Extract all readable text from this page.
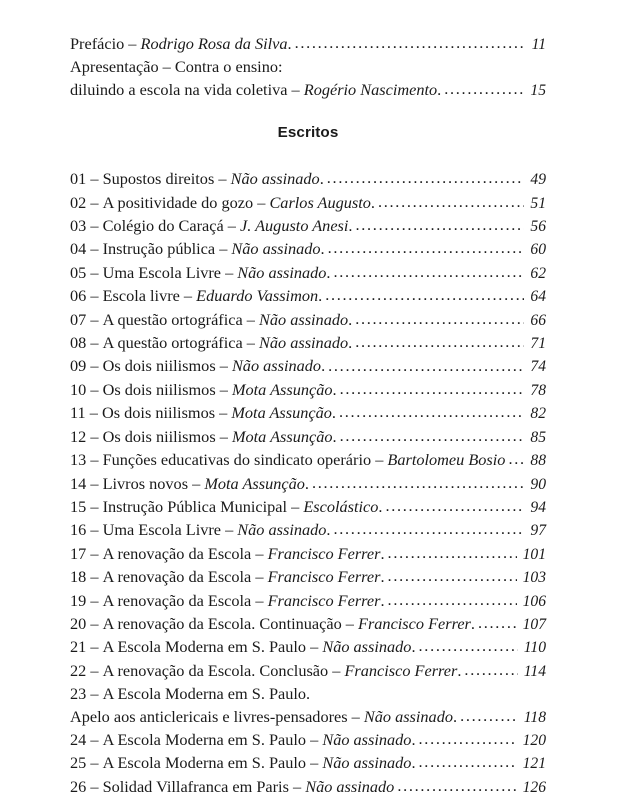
Prefácio – Rodrigo Rosa da Silva . .....	11
Apresentação – Contra o ensino:
diluindo a escola na vida coletiva – Rogério Nascimento . .....	15
Escritos
01 – Supostos direitos – Não assinado . .....	49
02 – A positividade do gozo – Carlos Augusto . .....	51
03 – Colégio do Caraçá – J. Augusto Anesi . .....	56
04 – Instrução pública – Não assinado . .....	60
05 – Uma Escola Livre – Não assinado . .....	62
06 – Escola livre – Eduardo Vassimon . .....	64
07 – A questão ortográfica – Não assinado . .....	66
08 – A questão ortográfica – Não assinado . .....	71
09 – Os dois niilismos – Não assinado . .....	74
10 – Os dois niilismos – Mota Assunção . .....	78
11 – Os dois niilismos – Mota Assunção . .....	82
12 – Os dois niilismos – Mota Assunção . .....	85
13 – Funções educativas do sindicato operário – Bartolomeu Bosio ..... 88
14 – Livros novos – Mota Assunção . .....	90
15 – Instrução Pública Municipal – Escolástico . .....	94
16 – Uma Escola Livre – Não assinado . .....	97
17 – A renovação da Escola – Francisco Ferrer . .....	101
18 – A renovação da Escola – Francisco Ferrer . .....	103
19 – A renovação da Escola – Francisco Ferrer . .....	106
20 – A renovação da Escola. Continuação – Francisco Ferrer . .....	107
21 – A Escola Moderna em S. Paulo – Não assinado . .....	110
22 – A renovação da Escola. Conclusão – Francisco Ferrer . .....	114
23 – A Escola Moderna em S. Paulo.
Apelo aos anticlericais e livres-pensadores – Não assinado . .....	118
24 – A Escola Moderna em S. Paulo – Não assinado . .....	120
25 – A Escola Moderna em S. Paulo – Não assinado . .....	121
26 – Solidad Villafranca em Paris – Não assinado .....	126
